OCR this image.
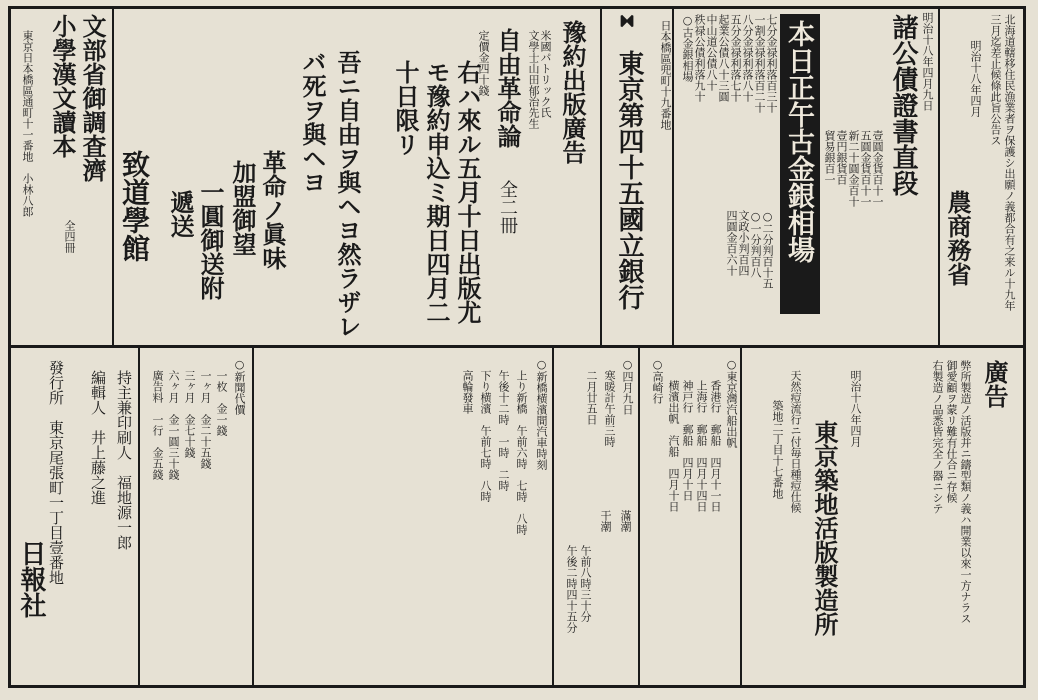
北海道轄移住民漁業者ヲ保護シ出願ノ義都合有之来ル十九年
三月迄差止候條此旨公告ス
明治十八年四月
農商務省
明治十八年四月九日
諸公債證書直段
本日正午古金銀相場
七分金禄利落百三十
一割金禄利落百二十
八分金禄利落八十
五分金禄利落七十
起業公債八十三圓
中山道公債八十
秩禄公債利落九十
○古金銀相場
壹圓金貨百十一
五圓金貨百十一
新二十圓金百十
壹円銀貨百
貿易銀百一
○二分判百十五
○一分判百八
文政小判百四
四圓金百六十
日本橋區兜町十九番地
⧗
東京第四十五國立銀行
豫約出版廣告
米國パトリック氏
文學士山田郁治先生
自由革命論
全二冊
定價金四十錢
右ハ來ル五月十日出版尤
モ豫約申込ミ期日四月二
十日限リ
吾ニ自由ヲ與ヘヨ然ラザレ
バ死ヲ與ヘヨ
革命ノ眞味
加盟御望
一圓御送附
遞送
致道學館
文部省御調査濟
小學漢文讀本
全四冊
東京日本橋區通町十一番地　小林八郎
廣告
弊所製造ノ活版并ニ鑄型類ノ義ハ開業以來一方ナラス
御愛顧ヲ蒙リ難有仕合ニ存候
右製造ノ品悉皆完全ノ器ニシテ
明治十八年四月
東京築地活版製造所
天然痘流行ニ付毎日種痘仕候
築地二丁目十七番地
○東京灣汽船出帆
香港行　郵船　四月十一日
上海行　郵船　四月十四日
神戸行　郵船　四月十日
横濱出帆　汽船　四月十日
○高崎行
○四月九日
寒暖計午前三時
二月廿五日
滿潮
干潮
午前八時三十分
午後二時四十五分
○新橋横濱間汽車時刻
上り新橋　午前六時　七時　八時
午後十二時　一時　二時
下り横濱　午前七時　八時
高輪發車
○新聞代價
一枚　金一錢
一ヶ月　金二十五錢
三ヶ月　金七十錢
六ヶ月　金一圓三十錢
廣告料　一行　金五錢
持主兼印刷人　福地源一郎
編輯人　井上藤之進
發行所　東京尾張町一丁目壹番地
日報社
